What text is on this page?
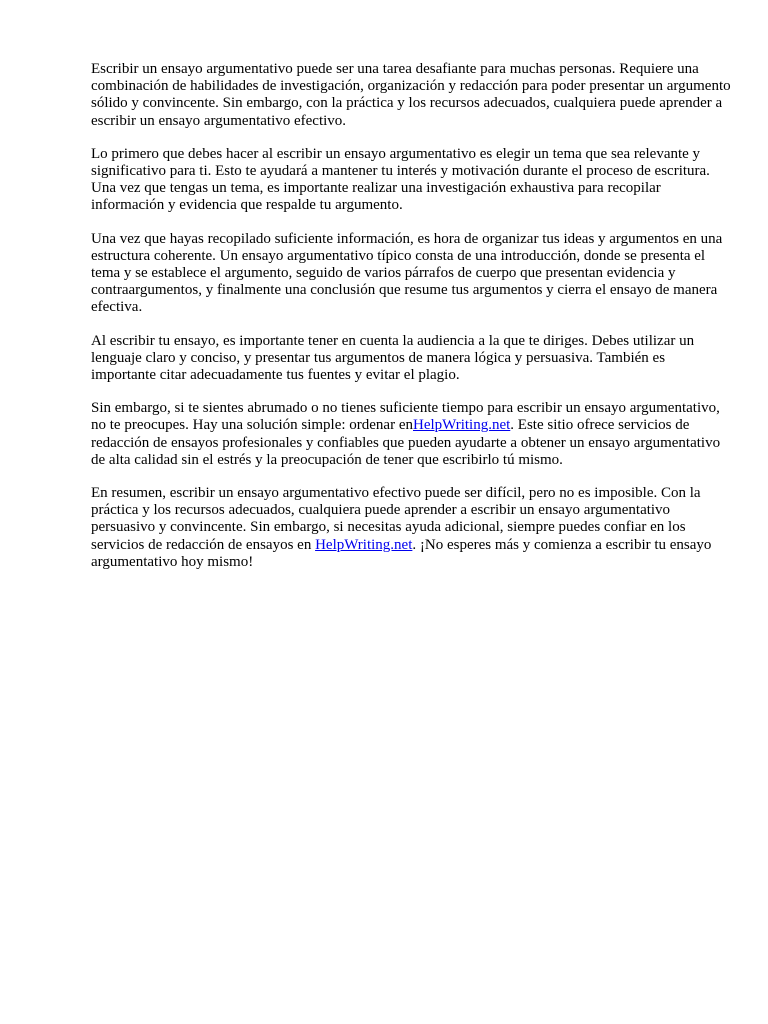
Escribir un ensayo argumentativo puede ser una tarea desafiante para muchas personas. Requiere una combinación de habilidades de investigación, organización y redacción para poder presentar un argumento sólido y convincente. Sin embargo, con la práctica y los recursos adecuados, cualquiera puede aprender a escribir un ensayo argumentativo efectivo.

Lo primero que debes hacer al escribir un ensayo argumentativo es elegir un tema que sea relevante y significativo para ti. Esto te ayudará a mantener tu interés y motivación durante el proceso de escritura. Una vez que tengas un tema, es importante realizar una investigación exhaustiva para recopilar información y evidencia que respalde tu argumento.

Una vez que hayas recopilado suficiente información, es hora de organizar tus ideas y argumentos en una estructura coherente. Un ensayo argumentativo típico consta de una introducción, donde se presenta el tema y se establece el argumento, seguido de varios párrafos de cuerpo que presentan evidencia y contraargumentos, y finalmente una conclusión que resume tus argumentos y cierra el ensayo de manera efectiva.

Al escribir tu ensayo, es importante tener en cuenta la audiencia a la que te diriges. Debes utilizar un lenguaje claro y conciso, y presentar tus argumentos de manera lógica y persuasiva. También es importante citar adecuadamente tus fuentes y evitar el plagio.

Sin embargo, si te sientes abrumado o no tienes suficiente tiempo para escribir un ensayo argumentativo, no te preocupes. Hay una solución simple: ordenar enHelpWriting.net. Este sitio ofrece servicios de redacción de ensayos profesionales y confiables que pueden ayudarte a obtener un ensayo argumentativo de alta calidad sin el estrés y la preocupación de tener que escribirlo tú mismo.

En resumen, escribir un ensayo argumentativo efectivo puede ser difícil, pero no es imposible. Con la práctica y los recursos adecuados, cualquiera puede aprender a escribir un ensayo argumentativo persuasivo y convincente. Sin embargo, si necesitas ayuda adicional, siempre puedes confiar en los servicios de redacción de ensayos en HelpWriting.net. ¡No esperes más y comienza a escribir tu ensayo argumentativo hoy mismo!
